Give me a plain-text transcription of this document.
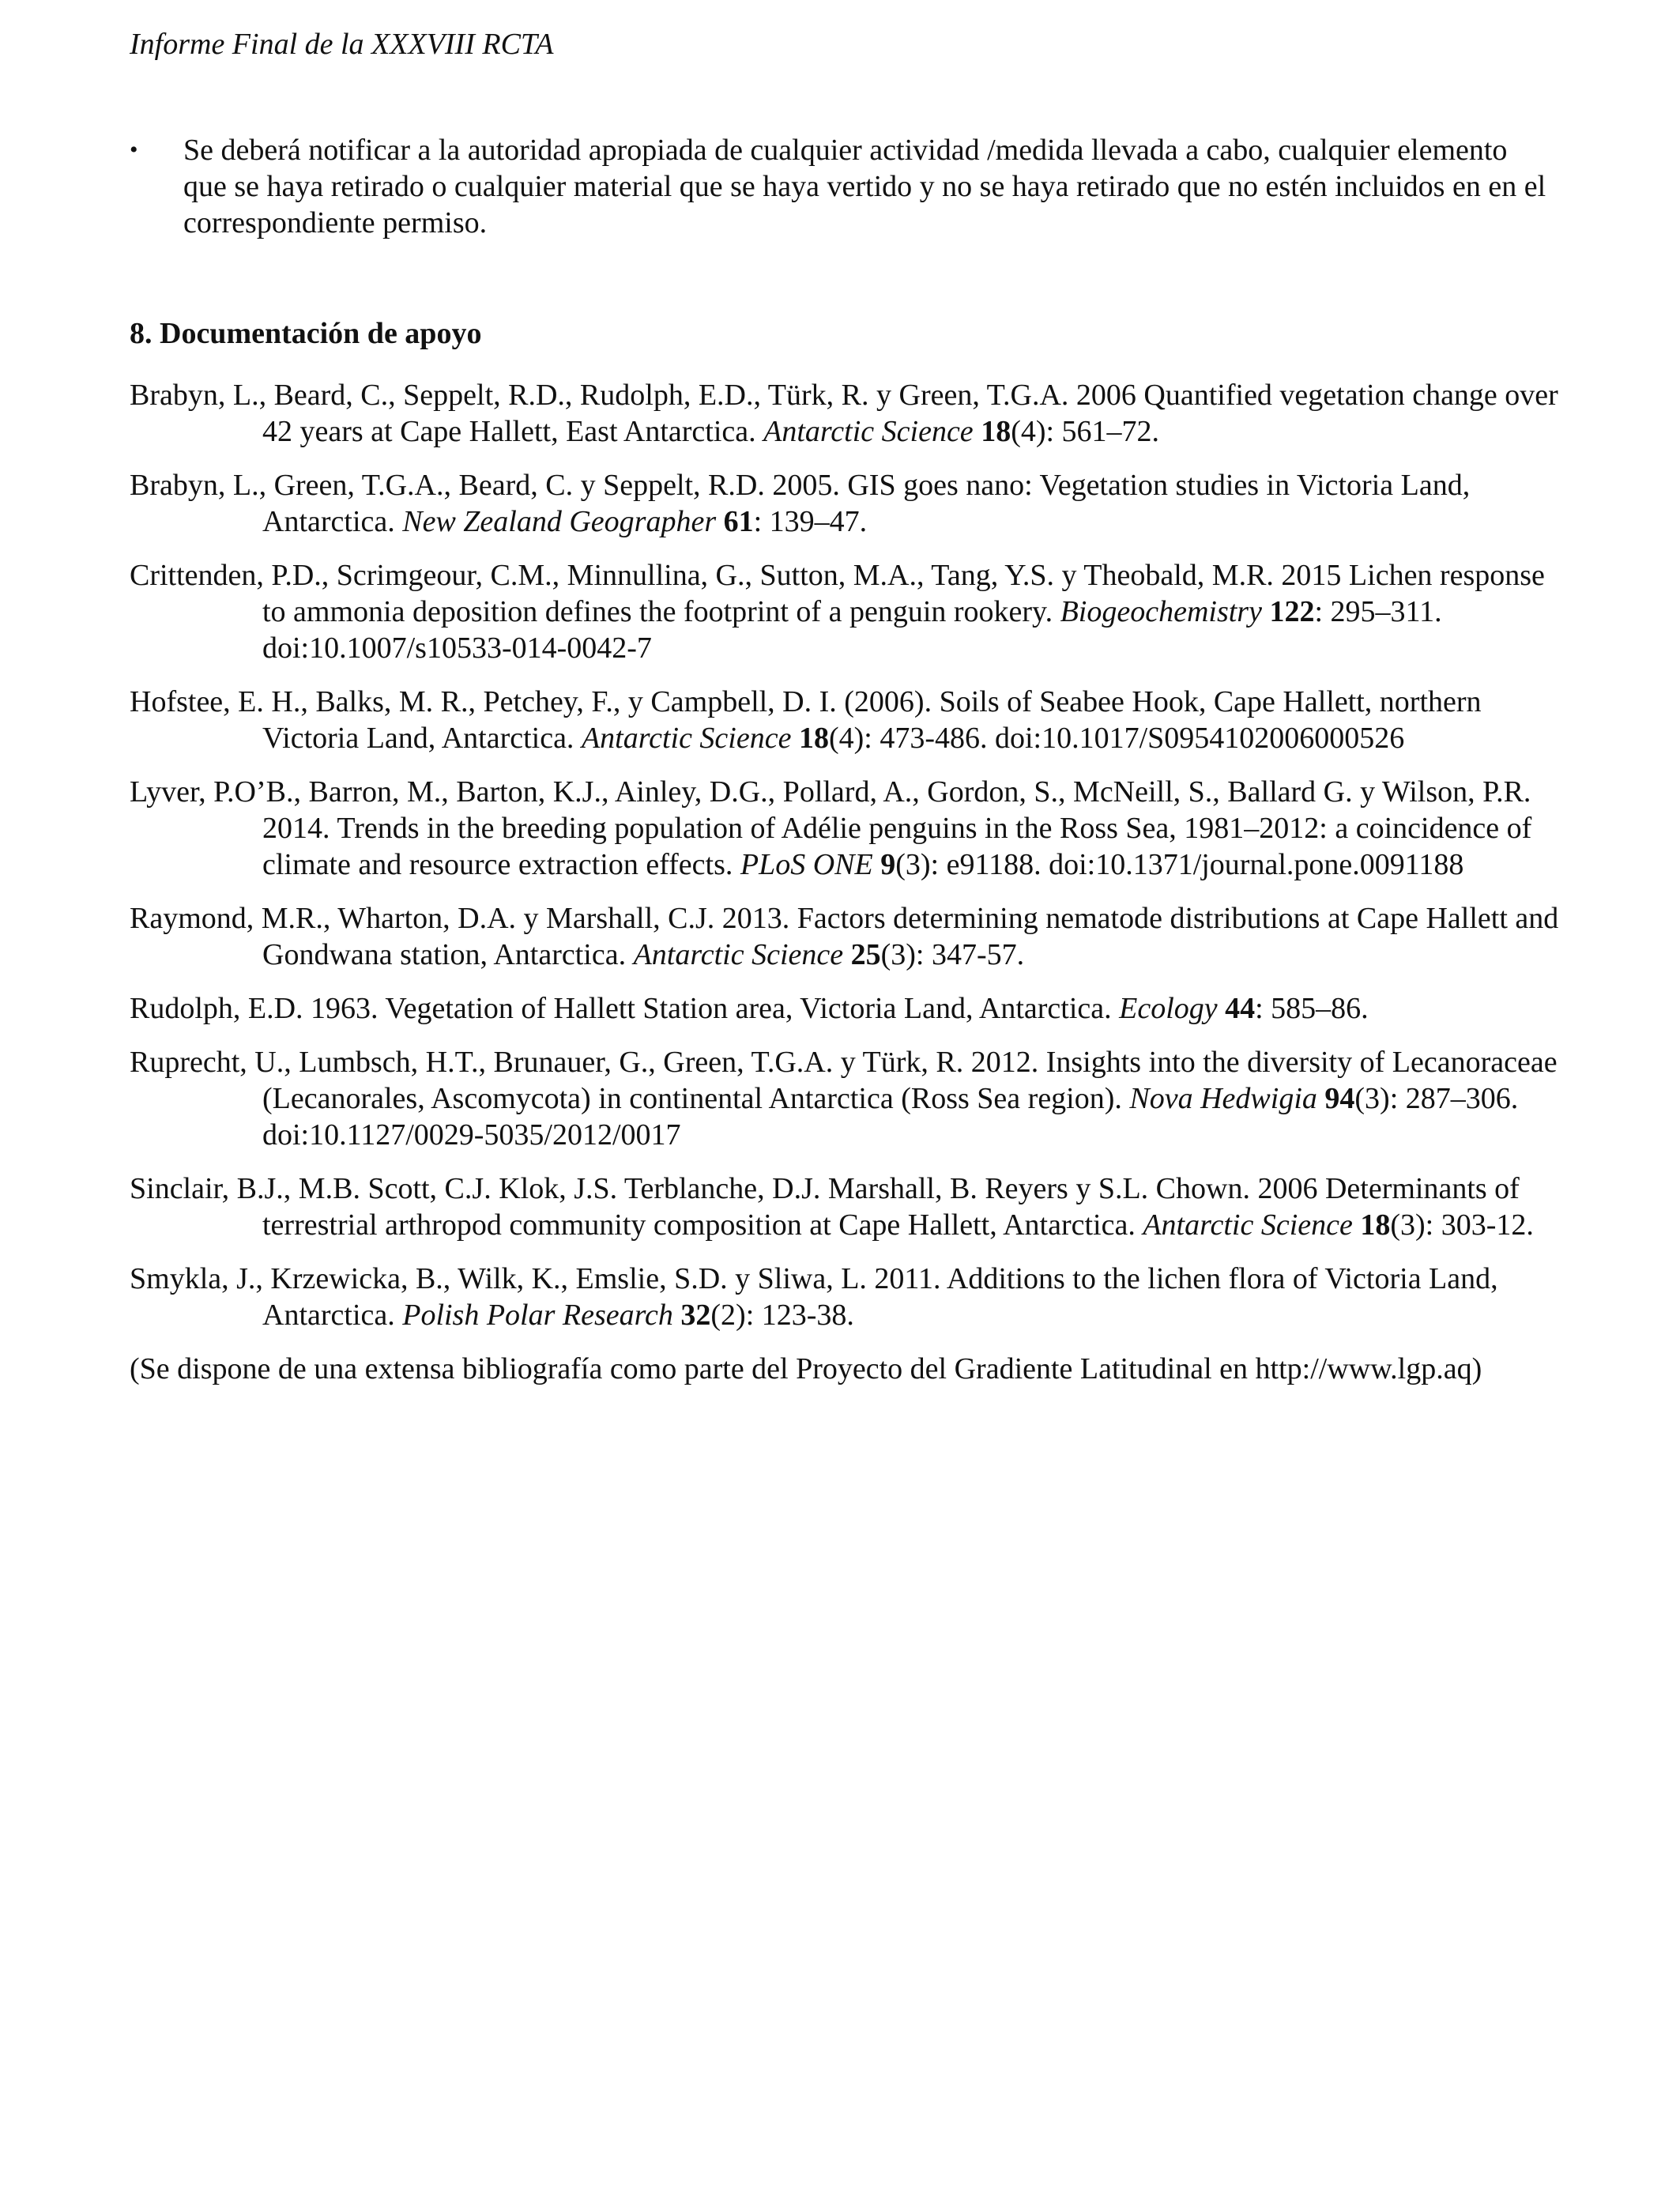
Informe Final de la XXXVIII RCTA
•	Se deberá notificar a la autoridad apropiada de cualquier actividad /medida llevada a cabo, cualquier elemento que se haya retirado o cualquier material que se haya vertido y no se haya retirado que no estén incluidos en en el correspondiente permiso.
8. Documentación de apoyo

Brabyn, L., Beard, C., Seppelt, R.D., Rudolph, E.D., Türk, R. y Green, T.G.A. 2006 Quantified vegetation change over 42 years at Cape Hallett, East Antarctica. Antarctic Science 18(4): 561–72.

Brabyn, L., Green, T.G.A., Beard, C. y Seppelt, R.D. 2005. GIS goes nano: Vegetation studies in Victoria Land, Antarctica. New Zealand Geographer 61: 139–47.

Crittenden, P.D., Scrimgeour, C.M., Minnullina, G., Sutton, M.A., Tang, Y.S. y Theobald, M.R. 2015 Lichen response to ammonia deposition defines the footprint of a penguin rookery. Biogeochemistry 122: 295–311. doi:10.1007/s10533-014-0042-7

Hofstee, E. H., Balks, M. R., Petchey, F., y Campbell, D. I. (2006). Soils of Seabee Hook, Cape Hallett, northern Victoria Land, Antarctica. Antarctic Science 18(4): 473-486. doi:10.1017/S0954102006000526

Lyver, P.O’B., Barron, M., Barton, K.J., Ainley, D.G., Pollard, A., Gordon, S., McNeill, S., Ballard G. y Wilson, P.R. 2014. Trends in the breeding population of Adélie penguins in the Ross Sea, 1981–2012: a coincidence of climate and resource extraction effects. PLoS ONE 9(3): e91188. doi:10.1371/journal.pone.0091188

Raymond, M.R., Wharton, D.A. y Marshall, C.J. 2013. Factors determining nematode distributions at Cape Hallett and Gondwana station, Antarctica. Antarctic Science 25(3): 347-57.

Rudolph, E.D. 1963. Vegetation of Hallett Station area, Victoria Land, Antarctica. Ecology 44: 585–86.

Ruprecht, U., Lumbsch, H.T., Brunauer, G., Green, T.G.A. y Türk, R. 2012. Insights into the diversity of Lecanoraceae (Lecanorales, Ascomycota) in continental Antarctica (Ross Sea region). Nova Hedwigia 94(3): 287–306. doi:10.1127/0029-5035/2012/0017

Sinclair, B.J., M.B. Scott, C.J. Klok, J.S. Terblanche, D.J. Marshall, B. Reyers y S.L. Chown. 2006 Determinants of terrestrial arthropod community composition at Cape Hallett, Antarctica. Antarctic Science 18(3): 303-12.

Smykla, J., Krzewicka, B., Wilk, K., Emslie, S.D. y Sliwa, L. 2011. Additions to the lichen flora of Victoria Land, Antarctica. Polish Polar Research 32(2): 123-38.

(Se dispone de una extensa bibliografía como parte del Proyecto del Gradiente Latitudinal en http://www.lgp.aq)
